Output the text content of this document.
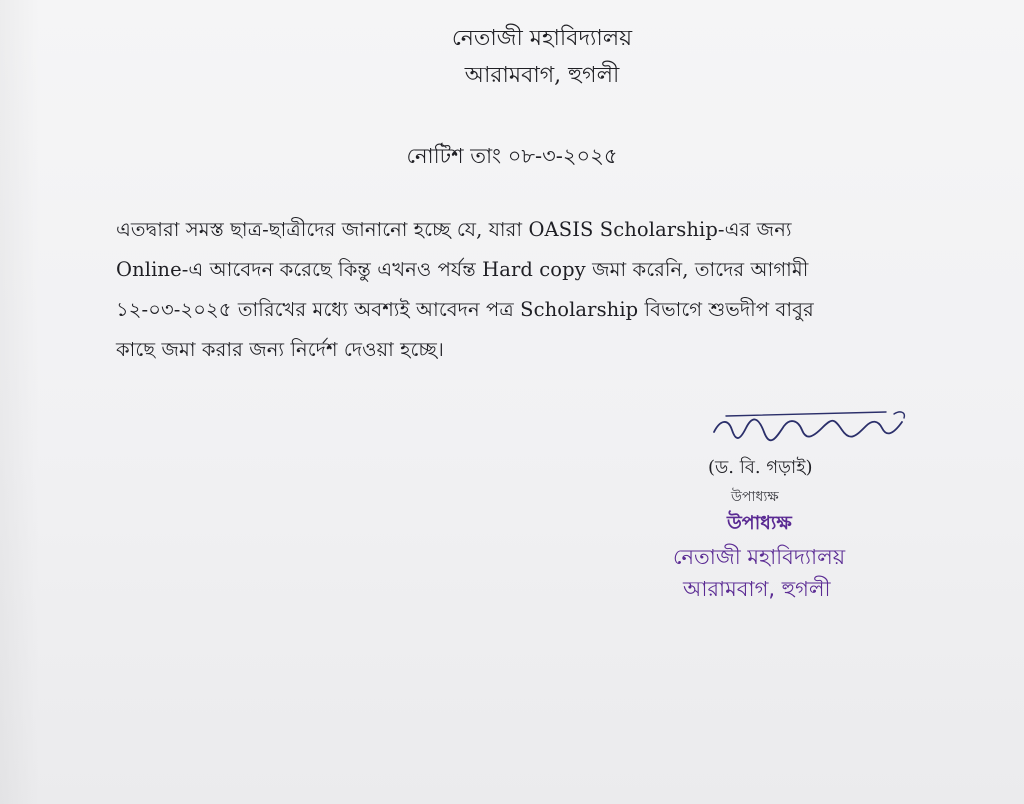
নেতাজী মহাবিদ্যালয়
আরামবাগ, হুগলী
নোটিশ তাং ০৮-৩-২০২৫
এতদ্বারা সমস্ত ছাত্র-ছাত্রীদের জানানো হচ্ছে যে, যারা OASIS Scholarship-এর জন্য
Online-এ আবেদন করেছে কিন্তু এখনও পর্যন্ত Hard copy জমা করেনি, তাদের আগামী
১২-০৩-২০২৫ তারিখের মধ্যে অবশ্যই আবেদন পত্র Scholarship বিভাগে শুভদীপ বাবুর
কাছে জমা করার জন্য নির্দেশ দেওয়া হচ্ছে।
(ড. বি. গড়াই)
উপাধ্যক্ষ
উপাধ্যক্ষ
নেতাজী মহাবিদ্যালয়
আরামবাগ, হুগলী
